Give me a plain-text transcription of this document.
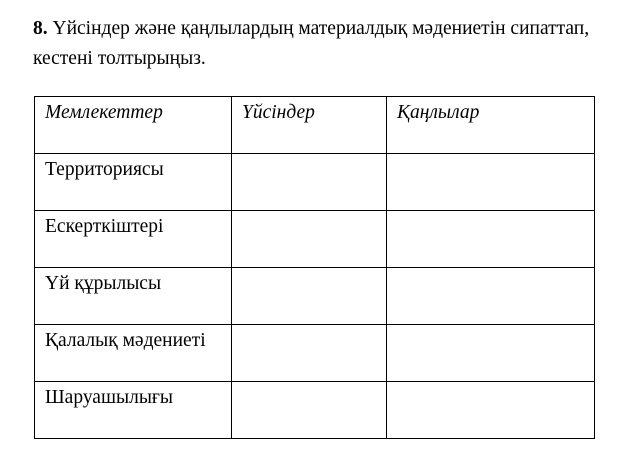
8. Үйсіндер және қаңлылардың материалдық мәдениетін сипаттап, кестені толтырыңыз.
Мемлекеттер	Үйсіндер	Қаңлылар
Территориясы		
Ескерткіштері		
Үй құрылысы		
Қалалық мәдениеті		
Шаруашылығы		
